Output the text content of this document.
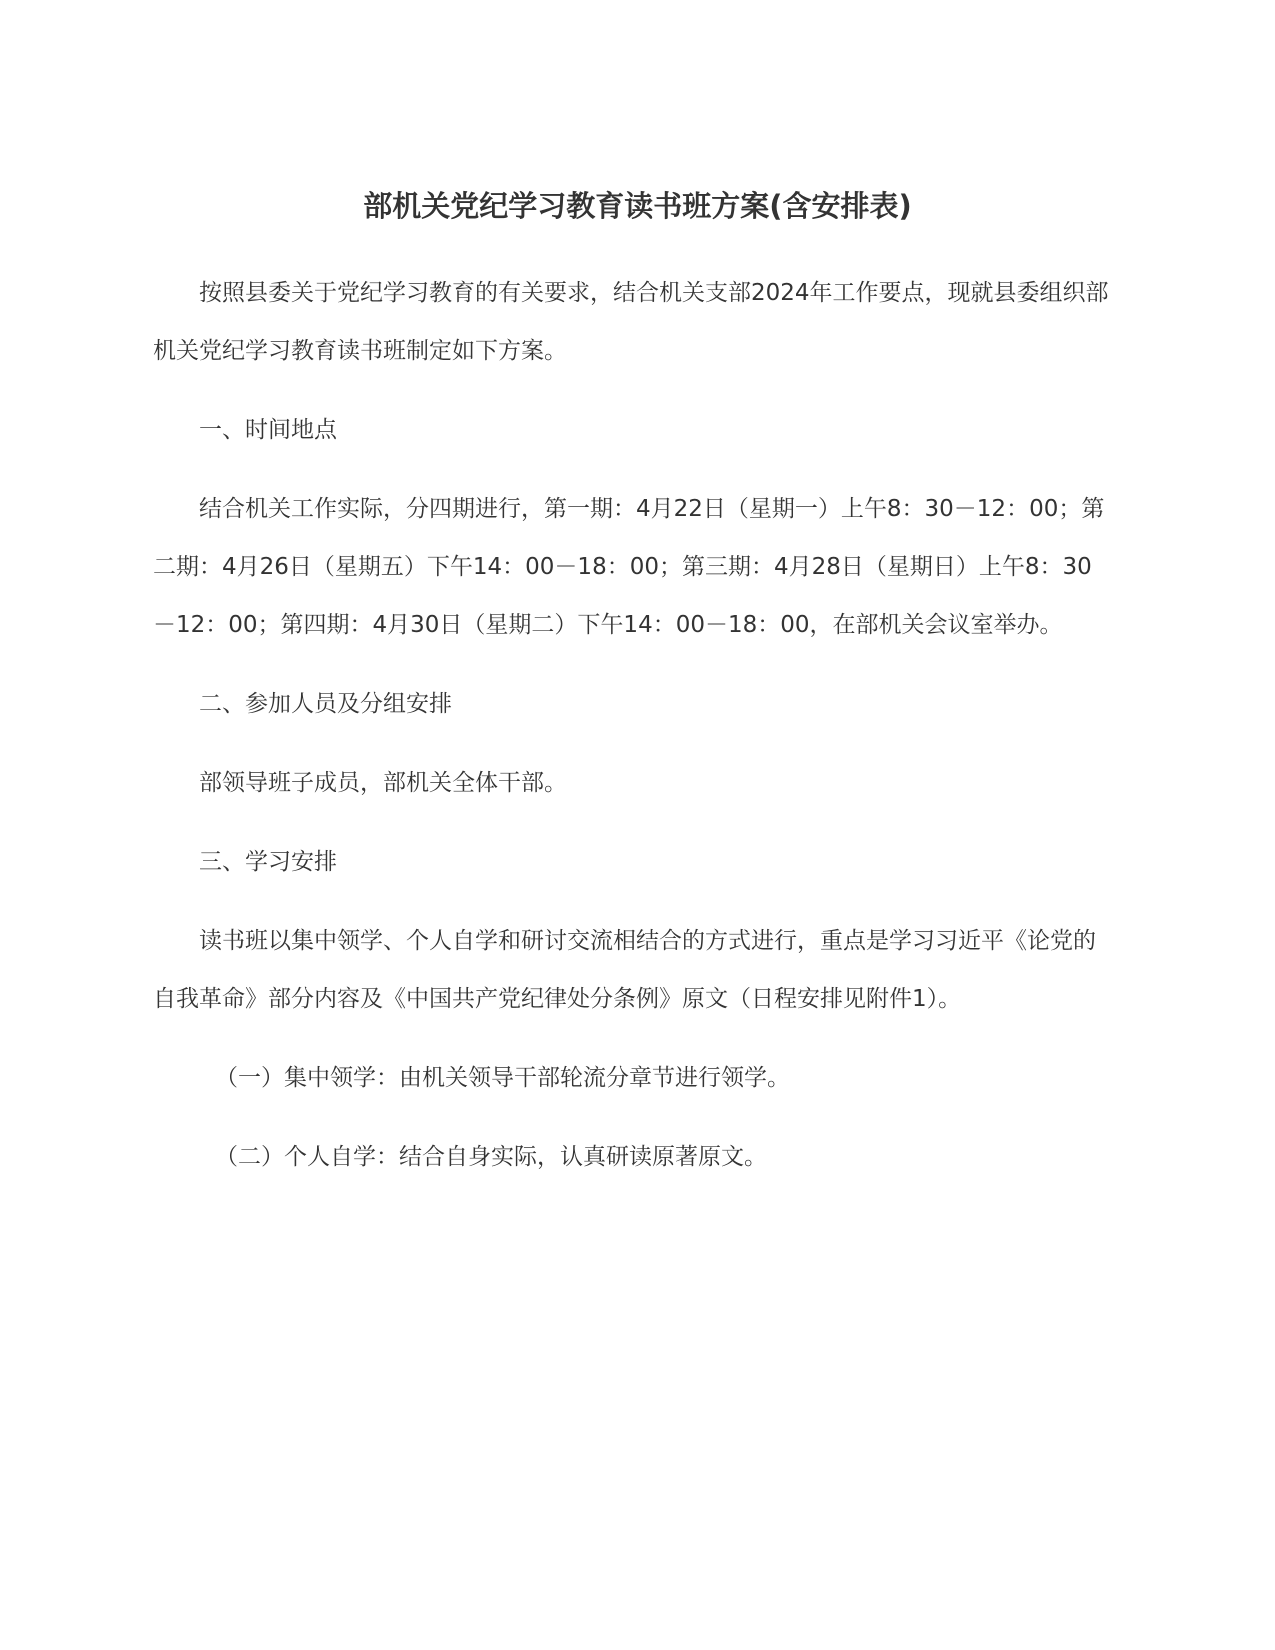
部机关党纪学习教育读书班方案(含安排表)

按照县委关于党纪学习教育的有关要求，结合机关支部2024年工作要点，现就县委组织部机关党纪学习教育读书班制定如下方案。

一、时间地点

结合机关工作实际，分四期进行，第一期：4月22日（星期一）上午8：30－12：00；第二期：4月26日（星期五）下午14：00－18：00；第三期：4月28日（星期日）上午8：30－12：00；第四期：4月30日（星期二）下午14：00－18：00，在部机关会议室举办。

二、参加人员及分组安排

部领导班子成员，部机关全体干部。

三、学习安排

读书班以集中领学、个人自学和研讨交流相结合的方式进行，重点是学习习近平《论党的自我革命》部分内容及《中国共产党纪律处分条例》原文（日程安排见附件1）。

（一）集中领学：由机关领导干部轮流分章节进行领学。

（二）个人自学：结合自身实际，认真研读原著原文。
